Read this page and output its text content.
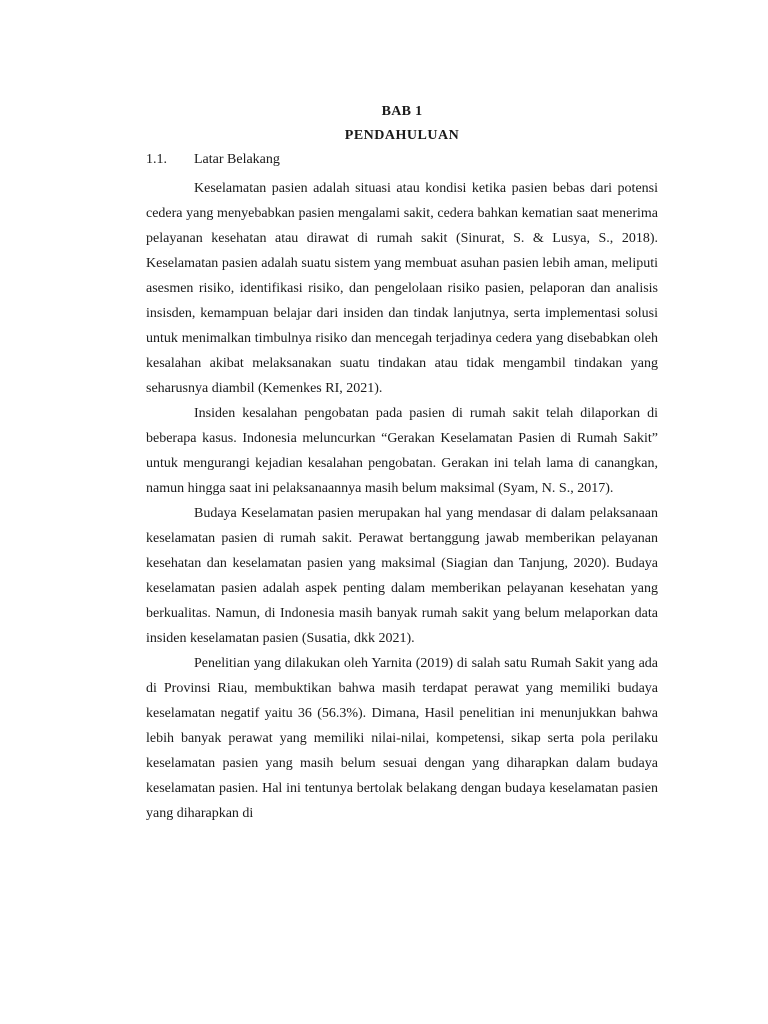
BAB 1
PENDAHULUAN
1.1. Latar Belakang

Keselamatan pasien adalah situasi atau kondisi ketika pasien bebas dari potensi cedera yang menyebabkan pasien mengalami sakit, cedera bahkan kematian saat menerima pelayanan kesehatan atau dirawat di rumah sakit (Sinurat, S. & Lusya, S., 2018). Keselamatan pasien adalah suatu sistem yang membuat asuhan pasien lebih aman, meliputi asesmen risiko, identifikasi risiko, dan pengelolaan risiko pasien, pelaporan dan analisis insisden, kemampuan belajar dari insiden dan tindak lanjutnya, serta implementasi solusi untuk menimalkan timbulnya risiko dan mencegah terjadinya cedera yang disebabkan oleh kesalahan akibat melaksanakan suatu tindakan atau tidak mengambil tindakan yang seharusnya diambil (Kemenkes RI, 2021).

Insiden kesalahan pengobatan pada pasien di rumah sakit telah dilaporkan di beberapa kasus. Indonesia meluncurkan “Gerakan Keselamatan Pasien di Rumah Sakit” untuk mengurangi kejadian kesalahan pengobatan. Gerakan ini telah lama di canangkan, namun hingga saat ini pelaksanaannya masih belum maksimal (Syam, N. S., 2017).

Budaya Keselamatan pasien merupakan hal yang mendasar di dalam pelaksanaan keselamatan pasien di rumah sakit. Perawat bertanggung jawab memberikan pelayanan kesehatan dan keselamatan pasien yang maksimal (Siagian dan Tanjung, 2020). Budaya keselamatan pasien adalah aspek penting dalam memberikan pelayanan kesehatan yang berkualitas. Namun, di Indonesia masih banyak rumah sakit yang belum melaporkan data insiden keselamatan pasien (Susatia, dkk 2021).

Penelitian yang dilakukan oleh Yarnita (2019) di salah satu Rumah Sakit yang ada di Provinsi Riau, membuktikan bahwa masih terdapat perawat yang memiliki budaya keselamatan negatif yaitu 36 (56.3%). Dimana, Hasil penelitian ini menunjukkan bahwa lebih banyak perawat yang memiliki nilai-nilai, kompetensi, sikap serta pola perilaku keselamatan pasien yang masih belum sesuai dengan yang diharapkan dalam budaya keselamatan pasien. Hal ini tentunya bertolak belakang dengan budaya keselamatan pasien yang diharapkan di
